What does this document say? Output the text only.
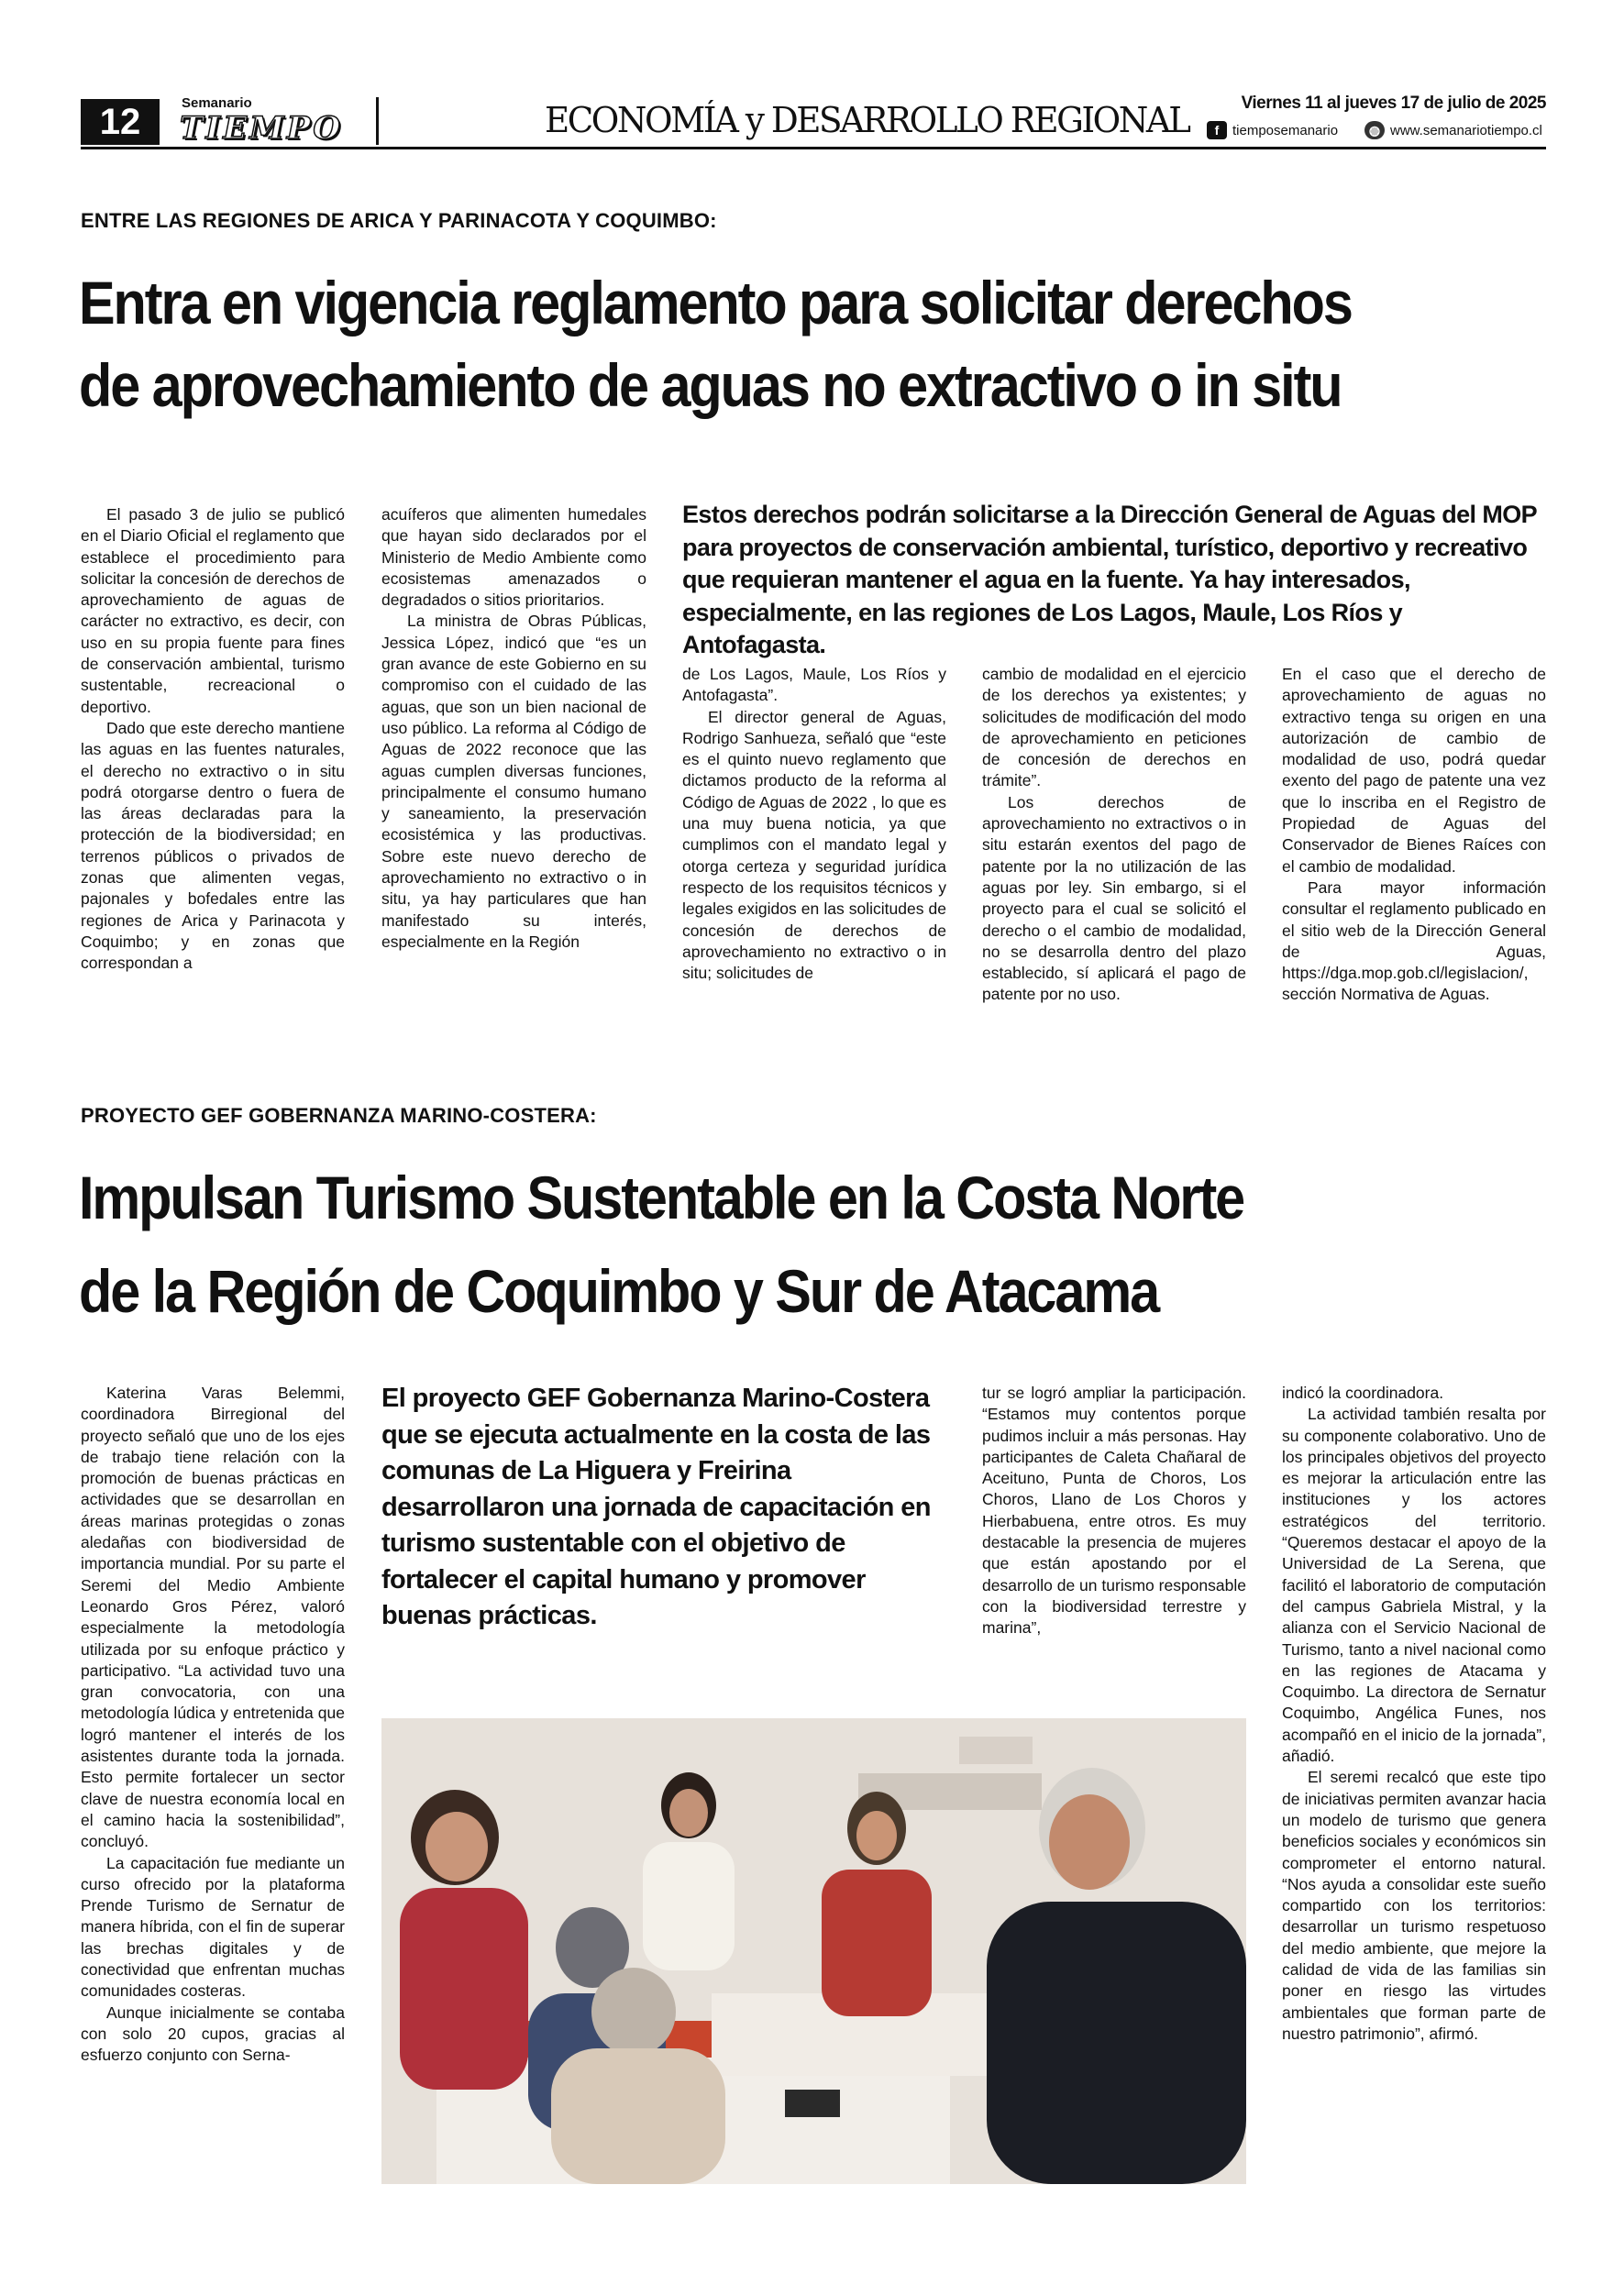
12	Semanario
TIEMPO	ECONOMÍA y DESARROLLO REGIONAL	Viernes 11 al jueves 17 de julio de 2025
f tiemposemanario	◍ www.semanariotiempo.cl
ENTRE LAS REGIONES DE ARICA Y PARINACOTA Y COQUIMBO:
Entra en vigencia reglamento para solicitar derechos
de aprovechamiento de aguas no extractivo o in situ
Estos derechos podrán solicitarse a la Dirección General de Aguas del MOP para proyectos de conservación ambiental, turístico, deportivo y recreativo que requieran mantener el agua en la fuente. Ya hay interesados, especialmente, en las regiones de Los Lagos, Maule, Los Ríos y Antofagasta.

El pasado 3 de julio se publicó en el Diario Oficial el reglamento que establece el procedimiento para solicitar la concesión de derechos de aprovechamiento de aguas de carácter no extractivo, es decir, con uso en su propia fuente para fines de conservación ambiental, turismo sustentable, recreacional o deportivo.

Dado que este derecho mantiene las aguas en las fuentes naturales, el derecho no extractivo o in situ podrá otorgarse dentro o fuera de las áreas declaradas para la protección de la biodiversidad; en terrenos públicos o privados de zonas que alimenten vegas, pajonales y bofedales entre las regiones de Arica y Parinacota y Coquimbo; y en zonas que correspondan a

acuíferos que alimenten humedales que hayan sido declarados por el Ministerio de Medio Ambiente como ecosistemas amenazados o degradados o sitios prioritarios.

La ministra de Obras Públicas, Jessica López, indicó que “es un gran avance de este Gobierno en su compromiso con el cuidado de las aguas, que son un bien nacional de uso público. La reforma al Código de Aguas de 2022 reconoce que las aguas cumplen diversas funciones, principalmente el consumo humano y saneamiento, la preservación ecosistémica y las productivas. Sobre este nuevo derecho de aprovechamiento no extractivo o in situ, ya hay particulares que han manifestado su interés, especialmente en la Región

de Los Lagos, Maule, Los Ríos y Antofagasta”.

El director general de Aguas, Rodrigo Sanhueza, señaló que “este es el quinto nuevo reglamento que dictamos producto de la reforma al Código de Aguas de 2022 , lo que es una muy buena noticia, ya que cumplimos con el mandato legal y otorga certeza y seguridad jurídica respecto de los requisitos técnicos y legales exigidos en las solicitudes de concesión de derechos de aprovechamiento no extractivo o in situ; solicitudes de

cambio de modalidad en el ejercicio de los derechos ya existentes; y solicitudes de modificación del modo de aprovechamiento en peticiones de concesión de derechos en trámite”.

Los derechos de aprovechamiento no extractivos o in situ estarán exentos del pago de patente por la no utilización de las aguas por ley. Sin embargo, si el proyecto para el cual se solicitó el derecho o el cambio de modalidad, no se desarrolla dentro del plazo establecido, sí aplicará el pago de patente por no uso.

En el caso que el derecho de aprovechamiento de aguas no extractivo tenga su origen en una autorización de cambio de modalidad de uso, podrá quedar exento del pago de patente una vez que lo inscriba en el Registro de Propiedad de Aguas del Conservador de Bienes Raíces con el cambio de modalidad.

Para mayor información consultar el reglamento publicado en el sitio web de la Dirección General de Aguas, https://dga.mop.gob.cl/legislacion/, sección Normativa de Aguas.

PROYECTO GEF GOBERNANZA MARINO-COSTERA:
Impulsan Turismo Sustentable en la Costa Norte
de la Región de Coquimbo y Sur de Atacama
El proyecto GEF Gobernanza Marino-Costera que se ejecuta actualmente en la costa de las comunas de La Higuera y Freirina desarrollaron una jornada de capacitación en turismo sustentable con el objetivo de fortalecer el capital humano y promover buenas prácticas.

Katerina Varas Belemmi, coordinadora Birregional del proyecto señaló que uno de los ejes de trabajo tiene relación con la promoción de buenas prácticas en actividades que se desarrollan en áreas marinas protegidas o zonas aledañas con biodiversidad de importancia mundial. Por su parte el Seremi del Medio Ambiente Leonardo Gros Pérez, valoró especialmente la metodología utilizada por su enfoque práctico y participativo. “La actividad tuvo una gran convocatoria, con una metodología lúdica y entretenida que logró mantener el interés de los asistentes durante toda la jornada. Esto permite fortalecer un sector clave de nuestra economía local en el camino hacia la sostenibilidad”, concluyó.

La capacitación fue mediante un curso ofrecido por la plataforma Prende Turismo de Sernatur de manera híbrida, con el fin de superar las brechas digitales y de conectividad que enfrentan muchas comunidades costeras.

Aunque inicialmente se contaba con solo 20 cupos, gracias al esfuerzo conjunto con Serna-

tur se logró ampliar la participación. “Estamos muy contentos porque pudimos incluir a más personas. Hay participantes de Caleta Chañaral de Aceituno, Punta de Choros, Los Choros, Llano de Los Choros y Hierbabuena, entre otros. Es muy destacable la presencia de mujeres que están apostando por el desarrollo de un turismo responsable con la biodiversidad terrestre y marina”,

indicó la coordinadora.

La actividad también resalta por su componente colaborativo. Uno de los principales objetivos del proyecto es mejorar la articulación entre las instituciones y los actores estratégicos del territorio. “Queremos destacar el apoyo de la Universidad de La Serena, que facilitó el laboratorio de computación del campus Gabriela Mistral, y la alianza con el Servicio Nacional de Turismo, tanto a nivel nacional como en las regiones de Atacama y Coquimbo. La directora de Sernatur Coquimbo, Angélica Funes, nos acompañó en el inicio de la jornada”, añadió.

El seremi recalcó que este tipo de iniciativas permiten avanzar hacia un modelo de turismo que genera beneficios sociales y económicos sin comprometer el entorno natural. “Nos ayuda a consolidar este sueño compartido con los territorios: desarrollar un turismo respetuoso del medio ambiente, que mejore la calidad de vida de las familias sin poner en riesgo las virtudes ambientales que forman parte de nuestro patrimonio”, afirmó.
